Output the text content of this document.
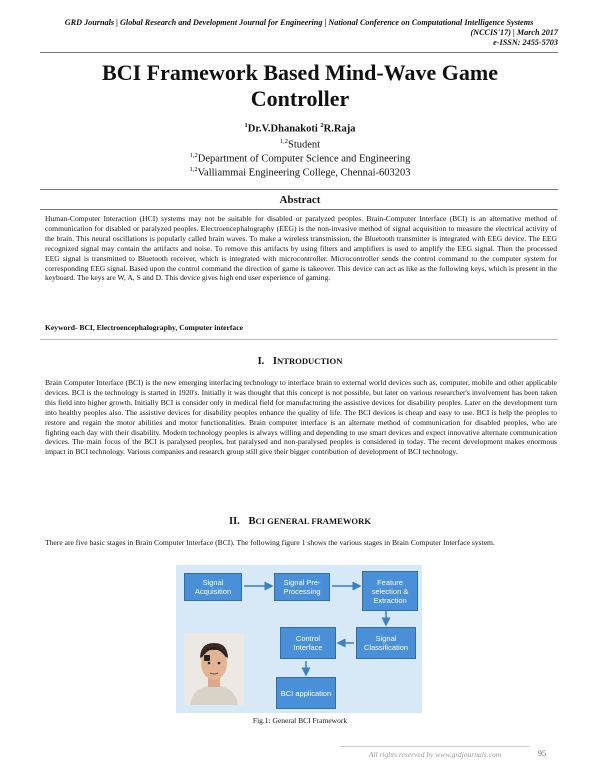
GRD Journals | Global Research and Development Journal for Engineering | National Conference on Computational Intelligence Systems
(NCCIS'17) | March 2017
e-ISSN: 2455-5703
BCI Framework Based Mind-Wave Game
Controller
$^1$Dr.V.Dhanakoti $^2$R.Raja
$^{1,2}$Student
$^{1,2}$Department of Computer Science and Engineering
$^{1,2}$Valliammai Engineering College, Chennai-603203
Abstract
Human-Computer Interaction (HCI) systems may not be suitable for disabled or paralyzed peoples. Brain-Computer Interface (BCI) is an alternative method of communication for disabled or paralyzed peoples. Electroencephalography (EEG) is the non-invasive method of signal acquisition to measure the electrical activity of the brain. This neural oscillations is popularly called brain waves. To make a wireless transmission, the Bluetooth transmitter is integrated with EEG device. The EEG recognized signal may contain the artifacts and noise. To remove this artifacts by using filters and amplifiers is used to amplify the EEG signal. Then the processed EEG signal is transmitted to Bluetooth receiver, which is integrated with microcontroller. Microcontroller sends the control command to the computer system for corresponding EEG signal. Based upon the control command the direction of game is takeover. This device can act as like as the following keys, which is present in the keyboard. The keys are W, A, S and D. This device gives high end user experience of gaming.
Keyword- BCI, Electroencephalography, Computer interface
I. INTRODUCTION
Brain Computer Interface (BCI) is the new emerging interfacing technology to interface brain to external world devices such as, computer, mobile and other applicable devices. BCI is the technology is started in 1920's. Initially it was thought that this concept is not possible, but later on various researcher's involvement has been taken this field into higher growth. Initially BCI is consider only in medical field for manufacturing the assistive devices for disability peoples. Later on the development turn into healthy peoples also. The assistive devices for disability peoples enhance the quality of life. The BCI devices is cheap and easy to use. BCI is help the peoples to restore and regain the motor abilities and motor functionalities. Brain computer interface is an alternate method of communication for disabled peoples, who are fighting each day with their disability. Modern technology peoples is always willing and depending to use smart devices and expect innovative alternate communication devices. The main focus of the BCI is paralysed peoples, but paralysed and non-paralysed peoples is considered in today. The recent development makes enormous impact in BCI technology. Various companies and research group still give their bigger contribution of development of BCI technology.
II. BCI GENERAL FRAMEWORK
There are five basic stages in Brain Computer Interface (BCI). The following figure 1 shows the various stages in Brain Computer Interface system.
Signal Acquisition
Signal Pre-Processing
Feature selection & Extraction
Control Interface
Signal Classification
BCI application
Fig.1: General BCI Framework
All rights reserved by www.grdjournals.com	95
